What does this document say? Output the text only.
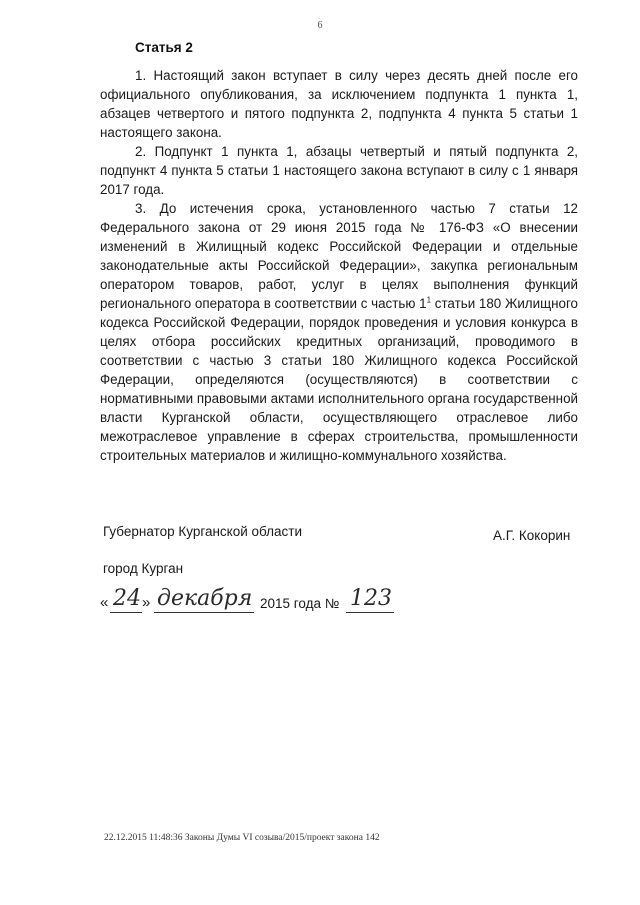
6
Статья 2

1. Настоящий закон вступает в силу через десять дней после его официального опубликования, за исключением подпункта 1 пункта 1, абзацев четвертого и пятого подпункта 2, подпункта 4 пункта 5 статьи 1 настоящего закона.

2. Подпункт 1 пункта 1, абзацы четвертый и пятый подпункта 2, подпункт 4 пункта 5 статьи 1 настоящего закона вступают в силу с 1 января 2017 года.

3. До истечения срока, установленного частью 7 статьи 12 Федерального закона от 29 июня 2015 года № 176-ФЗ «О внесении изменений в Жилищный кодекс Российской Федерации и отдельные законодательные акты Российской Федерации», закупка региональным оператором товаров, работ, услуг в целях выполнения функций регионального оператора в соответствии с частью $1^1$ статьи 180 Жилищного кодекса Российской Федерации, порядок проведения и условия конкурса в целях отбора российских кредитных организаций, проводимого в соответствии с частью 3 статьи 180 Жилищного кодекса Российской Федерации, определяются (осуществляются) в соответствии с нормативными правовыми актами исполнительного органа государственной власти Курганской области, осуществляющего отраслевое либо межотраслевое управление в сферах строительства, промышленности строительных материалов и жилищно-коммунального хозяйства.

Губернатор Курганской области	А.Г. Кокорин
город Курган
« 24 » декабря 2015 года № 123
22.12.2015 11:48:36 Законы Думы VI созыва/2015/проект закона 142
